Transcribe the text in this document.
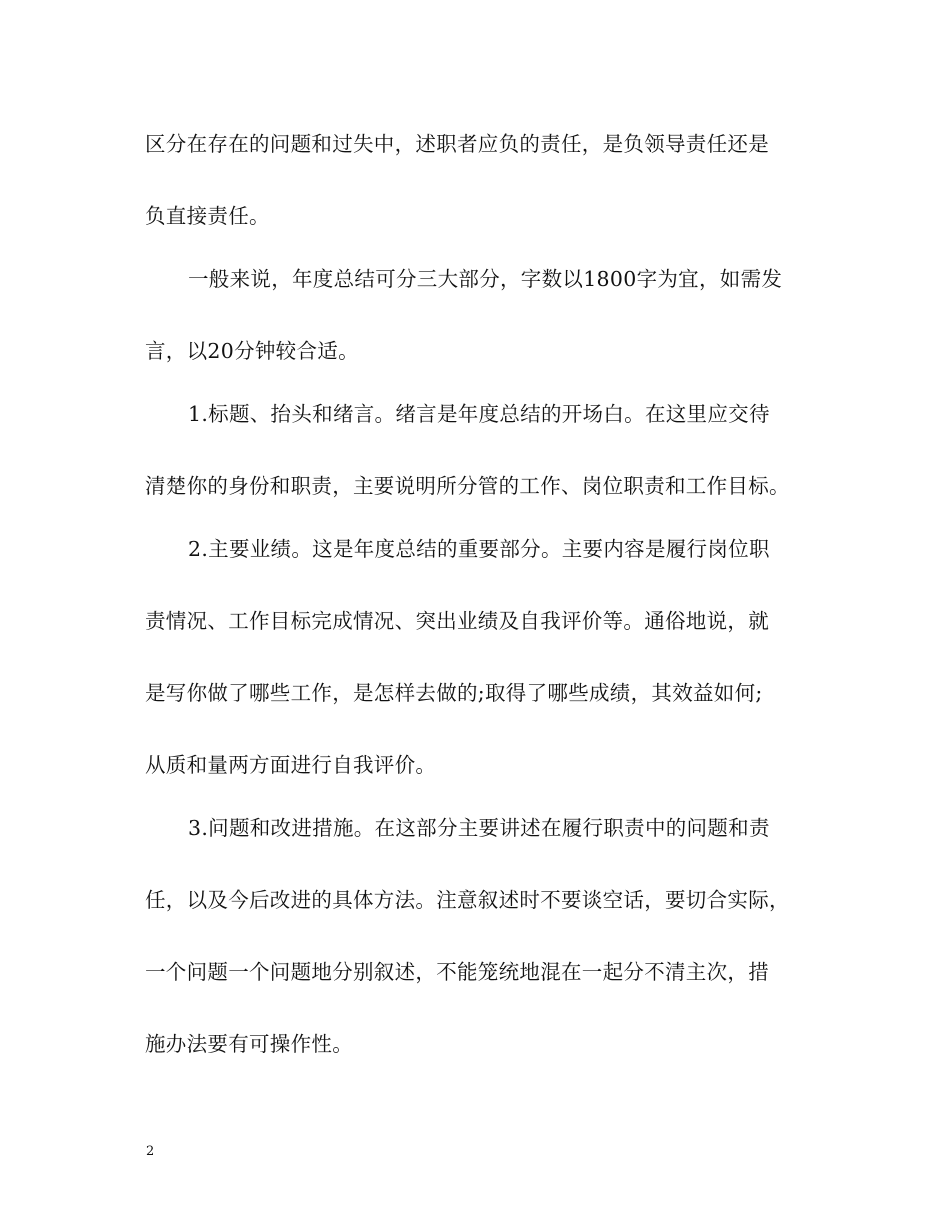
区分在存在的问题和过失中，述职者应负的责任，是负领导责任还是
负直接责任。
一般来说，年度总结可分三大部分，字数以1800字为宜，如需发
言，以20分钟较合适。
1.标题、抬头和绪言。绪言是年度总结的开场白。在这里应交待
清楚你的身份和职责，主要说明所分管的工作、岗位职责和工作目标。
2.主要业绩。这是年度总结的重要部分。主要内容是履行岗位职
责情况、工作目标完成情况、突出业绩及自我评价等。通俗地说，就
是写你做了哪些工作，是怎样去做的;取得了哪些成绩，其效益如何;
从质和量两方面进行自我评价。
3.问题和改进措施。在这部分主要讲述在履行职责中的问题和责
任，以及今后改进的具体方法。注意叙述时不要谈空话，要切合实际，
一个问题一个问题地分别叙述，不能笼统地混在一起分不清主次，措
施办法要有可操作性。
2
